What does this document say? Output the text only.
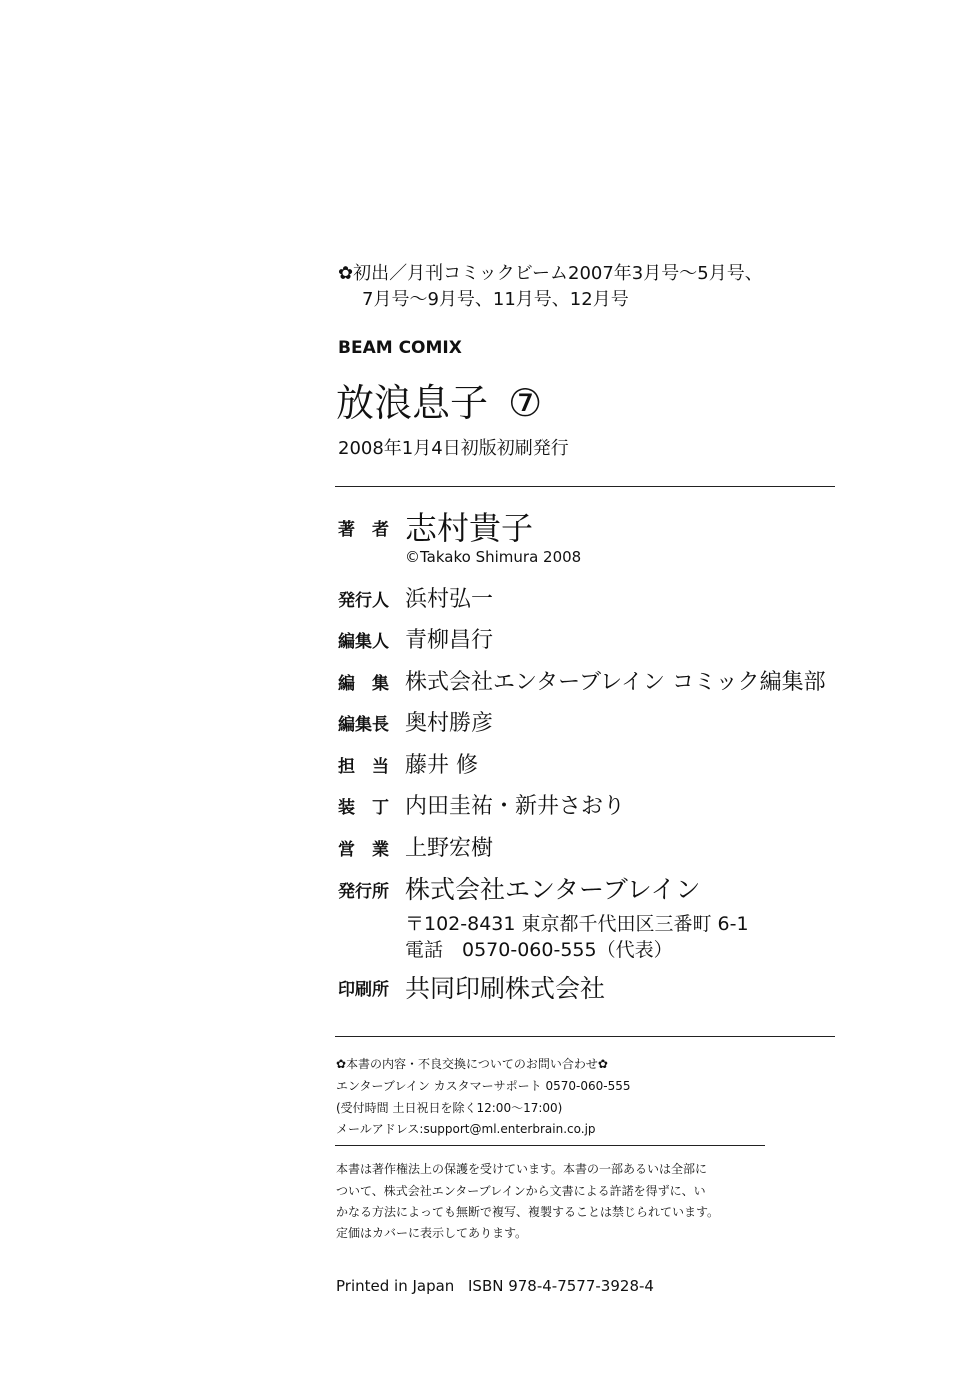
✿初出／月刊コミックビーム2007年3月号～5月号、
7月号～9月号、11月号、12月号
BEAM COMIX
放浪息子 ⑦
2008年1月4日初版初刷発行
著　者 志村貴子
©Takako Shimura 2008
発行人 浜村弘一
編集人 青柳昌行
編　集 株式会社エンターブレイン コミック編集部
編集長 奥村勝彦
担　当 藤井 修
装　丁 内田圭祐・新井さおり
営　業 上野宏樹
発行所 株式会社エンターブレイン
〒102-8431 東京都千代田区三番町 6-1
電話　0570-060-555（代表）
印刷所 共同印刷株式会社
✿本書の内容・不良交換についてのお問い合わせ✿
エンターブレイン カスタマーサポート 0570-060-555
(受付時間 土日祝日を除く12:00～17:00)
メールアドレス:support@ml.enterbrain.co.jp
本書は著作権法上の保護を受けています。本書の一部あるいは全部に
ついて、株式会社エンターブレインから文書による許諾を得ずに、い
かなる方法によっても無断で複写、複製することは禁じられています。
定価はカバーに表示してあります。
Printed in Japan ISBN 978-4-7577-3928-4
